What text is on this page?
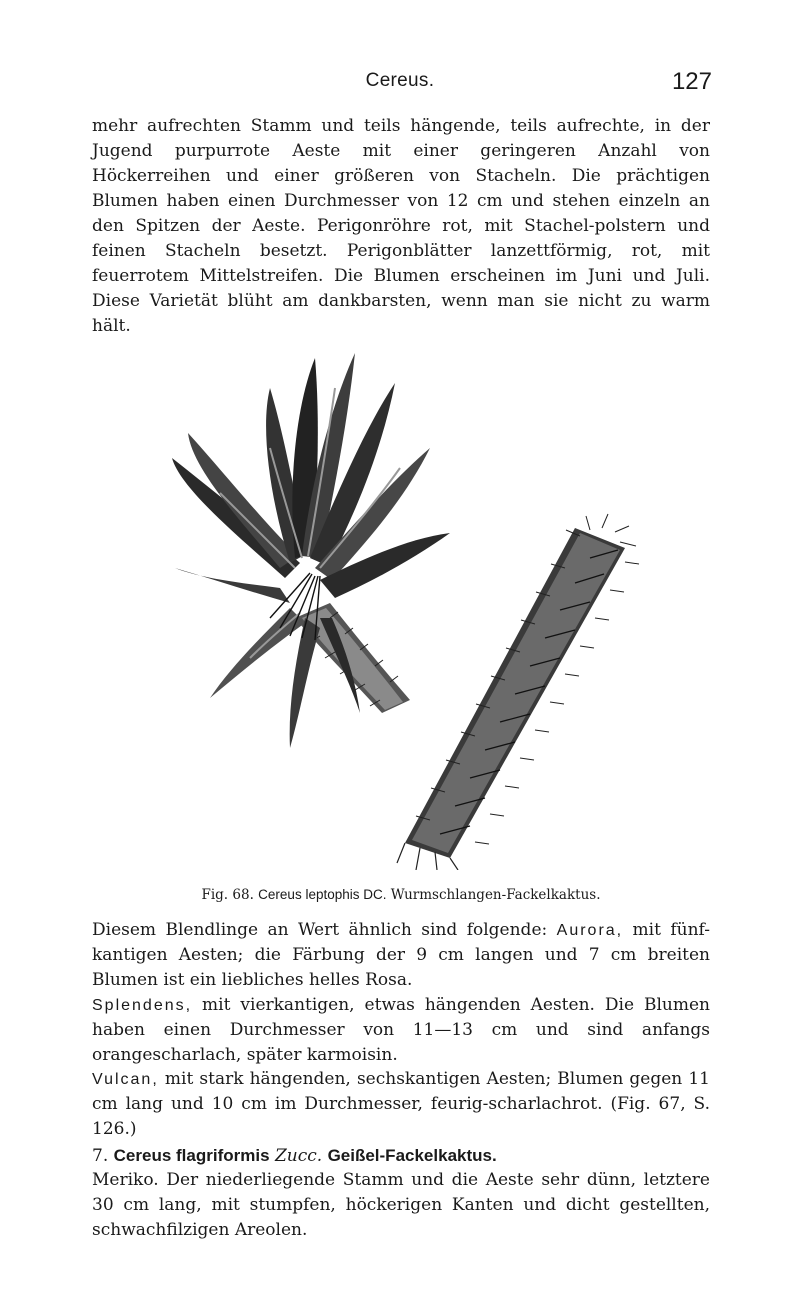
Cereus.	127

mehr aufrechten Stamm und teils hängende, teils aufrechte, in der Jugend purpurrote Aeste mit einer geringeren Anzahl von Höckerreihen und einer größeren von Stacheln. Die prächtigen Blumen haben einen Durchmesser von 12 cm und stehen einzeln an den Spitzen der Aeste. Perigonröhre rot, mit Stachel-polstern und feinen Stacheln besetzt. Perigonblätter lanzettförmig, rot, mit feuerrotem Mittelstreifen. Die Blumen erscheinen im Juni und Juli. Diese Varietät blüht am dankbarsten, wenn man sie nicht zu warm hält.

Fig. 68. Cereus leptophis DC. Wurmschlangen-Fackelkaktus.

Diesem Blendlinge an Wert ähnlich sind folgende: Aurora, mit fünf-kantigen Aesten; die Färbung der 9 cm langen und 7 cm breiten Blumen ist ein liebliches helles Rosa.

Splendens, mit vierkantigen, etwas hängenden Aesten. Die Blumen haben einen Durchmesser von 11—13 cm und sind anfangs orangescharlach, später karmoisin.

Vulcan, mit stark hängenden, sechskantigen Aesten; Blumen gegen 11 cm lang und 10 cm im Durchmesser, feurig-scharlachrot. (Fig. 67, S. 126.)

7. Cereus flagriformis Zucc. Geißel-Fackelkaktus.

Meriko. Der niederliegende Stamm und die Aeste sehr dünn, letztere 30 cm lang, mit stumpfen, höckerigen Kanten und dicht gestellten, schwachfilzigen Areolen.
